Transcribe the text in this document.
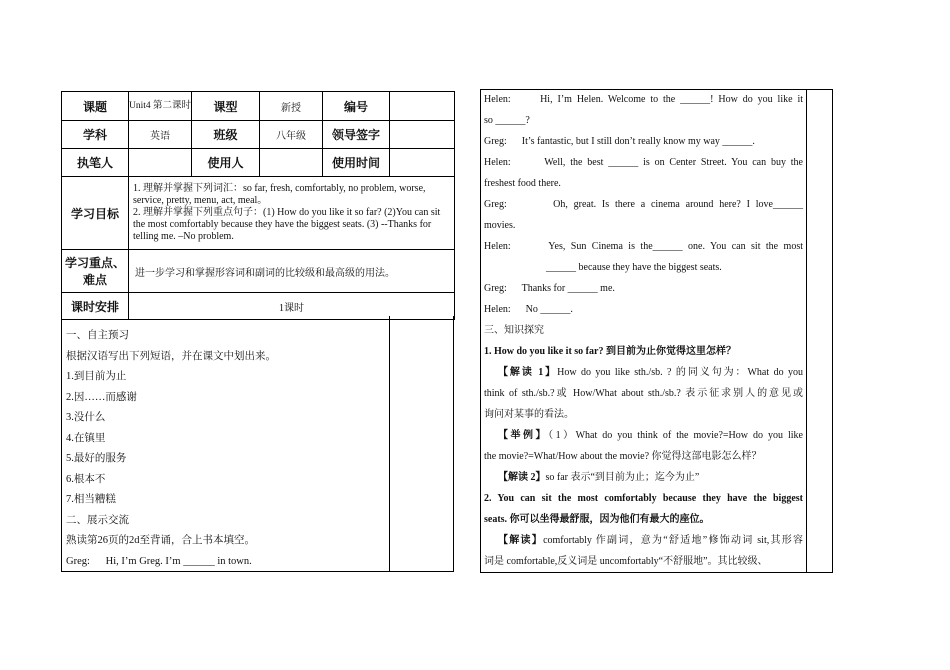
课题	Unit4 第二课时	课型	新授	编号	
学科	英语	班级	八年级	领导签字	
执笔人		使用人		使用时间	
学习目标	1. 理解并掌握下列词汇：so far, fresh, comfortably, no problem, worse, service, pretty, menu, act, meal。
2. 理解并掌握下列重点句子：(1) How do you like it so far? (2)You can sit the most comfortably because they have the biggest seats. (3) --Thanks for telling me. –No problem.				

学习重点、难点	进一步学习和掌握形容词和副词的比较级和最高级的用法。				
课时安排	1课时				

一、自主预习

根据汉语写出下列短语，并在课文中划出来。

1.到目前为止

2.因……而感谢

3.没什么

4.在镇里

5.最好的服务

6.根本不

7.相当糟糕

二、展示交流

熟读第26页的2d至背诵，合上书本填空。

Greg:      Hi, I’m Greg. I’m ______ in town.

Helen:      Hi, I’m Helen. Welcome to the ______! How do you like it

so ______?

Greg:      It’s fantastic, but I still don’t really know my way ______.

Helen:       Well, the best ______ is on Center Street. You can buy the

freshest food there.

Greg:        Oh, great. Is there a cinema around here? I love______

movies.

Helen:       Yes, Sun Cinema is the______ one. You can sit the most

______ because they have the biggest seats.

Greg:      Thanks for ______ me.

Helen:      No ______.

三、知识探究

1. How do you like it so far? 到目前为止你觉得这里怎样？

【解读 1】How do you like sth./sb. ? 的同义句为：What do you

think of sth./sb.?或 How/What about sth./sb.? 表示征求别人的意见或

询问对某事的看法。

【举例】（1）What do you think of the movie?=How do you like

the movie?=What/How about the movie? 你觉得这部电影怎么样？

【解读 2】so far 表示“到目前为止；迄今为止”

2. You can sit the most comfortably because they have the biggest

seats. 你可以坐得最舒服，因为他们有最大的座位。

【解读】comfortably 作副词，意为“舒适地”修饰动词 sit,其形容

词是 comfortable,反义词是 uncomfortably“不舒服地”。其比较级、
